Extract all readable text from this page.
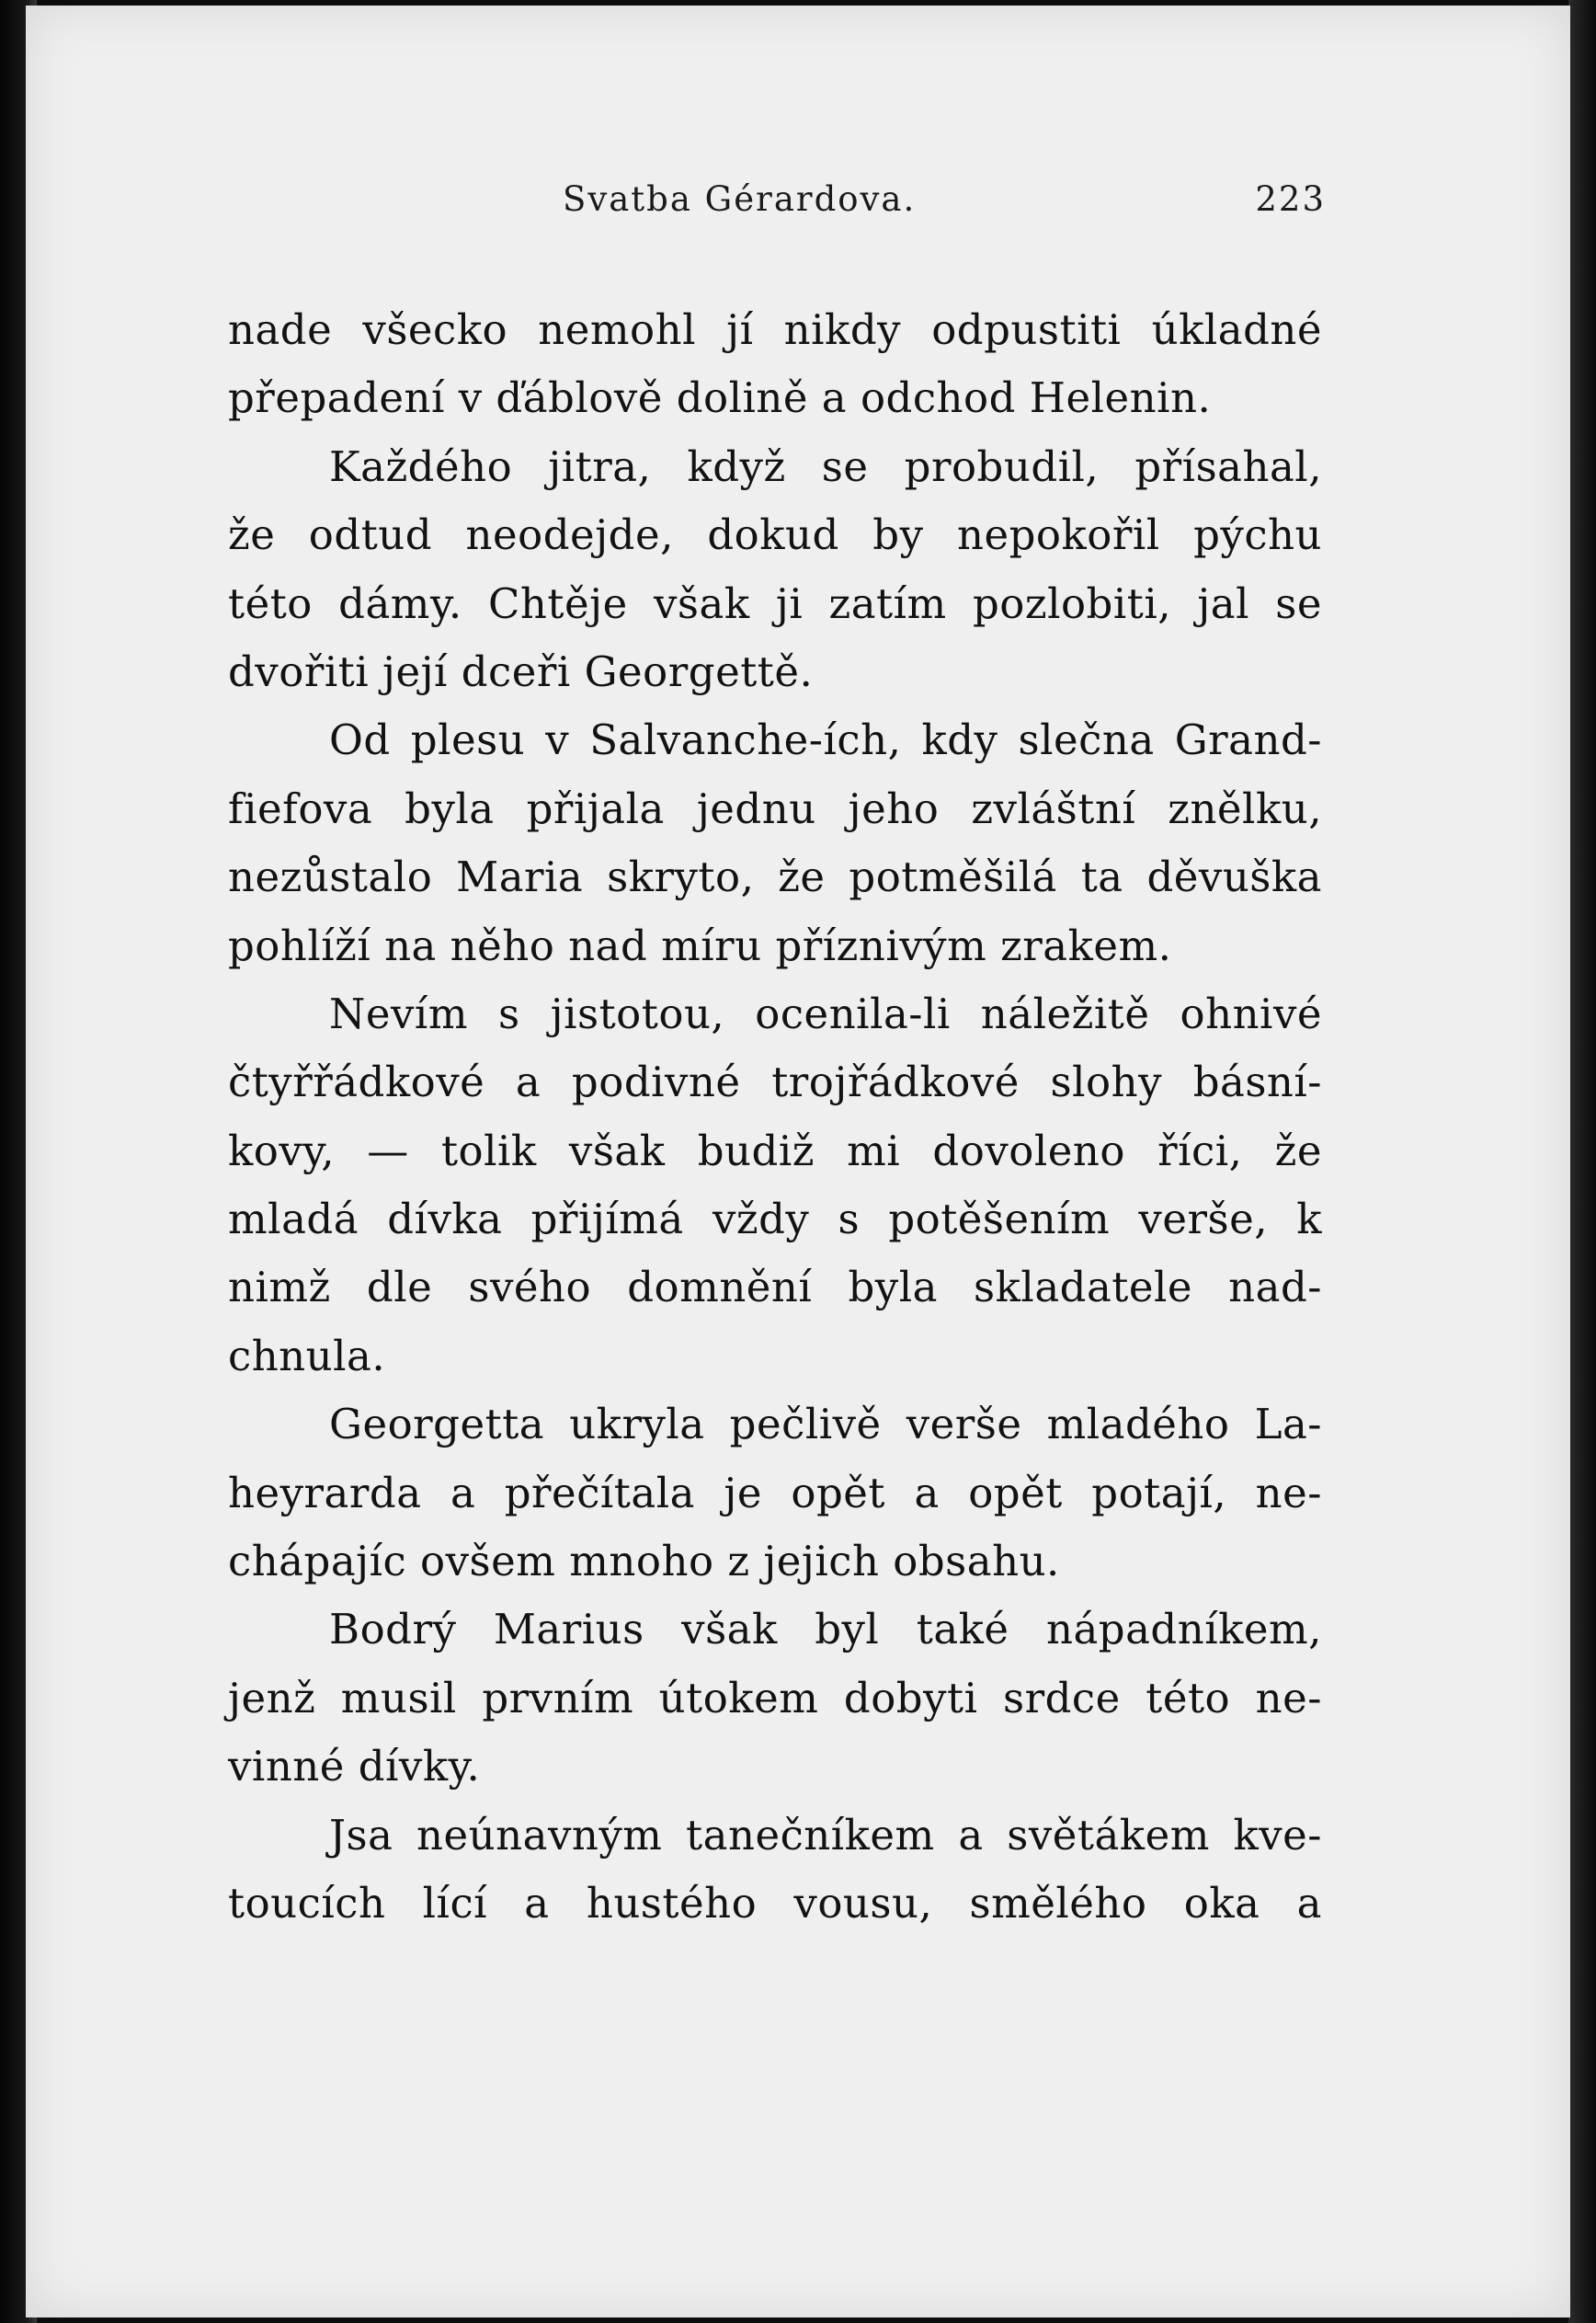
Svatba Gérardova.	223
nade všecko nemohl jí nikdy odpustiti úkladné
přepadení v ďáblově dolině a odchod Helenin.
Každého jitra, když se probudil, přísahal,
že odtud neodejde, dokud by nepokořil pýchu
této dámy. Chtěje však ji zatím pozlobiti, jal se
dvořiti její dceři Georgettě.
Od plesu v Salvanche-ích, kdy slečna Grand-
fiefova byla přijala jednu jeho zvláštní znělku,
nezůstalo Maria skryto, že potměšilá ta děvuška
pohlíží na něho nad míru příznivým zrakem.
Nevím s jistotou, ocenila-li náležitě ohnivé
čtyřřádkové a podivné trojřádkové slohy básní-
kovy, — tolik však budiž mi dovoleno říci, že
mladá dívka přijímá vždy s potěšením verše, k
nimž dle svého domnění byla skladatele nad-
chnula.
Georgetta ukryla pečlivě verše mladého La-
heyrarda a přečítala je opět a opět potají, ne-
chápajíc ovšem mnoho z jejich obsahu.
Bodrý Marius však byl také nápadníkem,
jenž musil prvním útokem dobyti srdce této ne-
vinné dívky.
Jsa neúnavným tanečníkem a světákem kve-
toucích lící a hustého vousu, smělého oka a
